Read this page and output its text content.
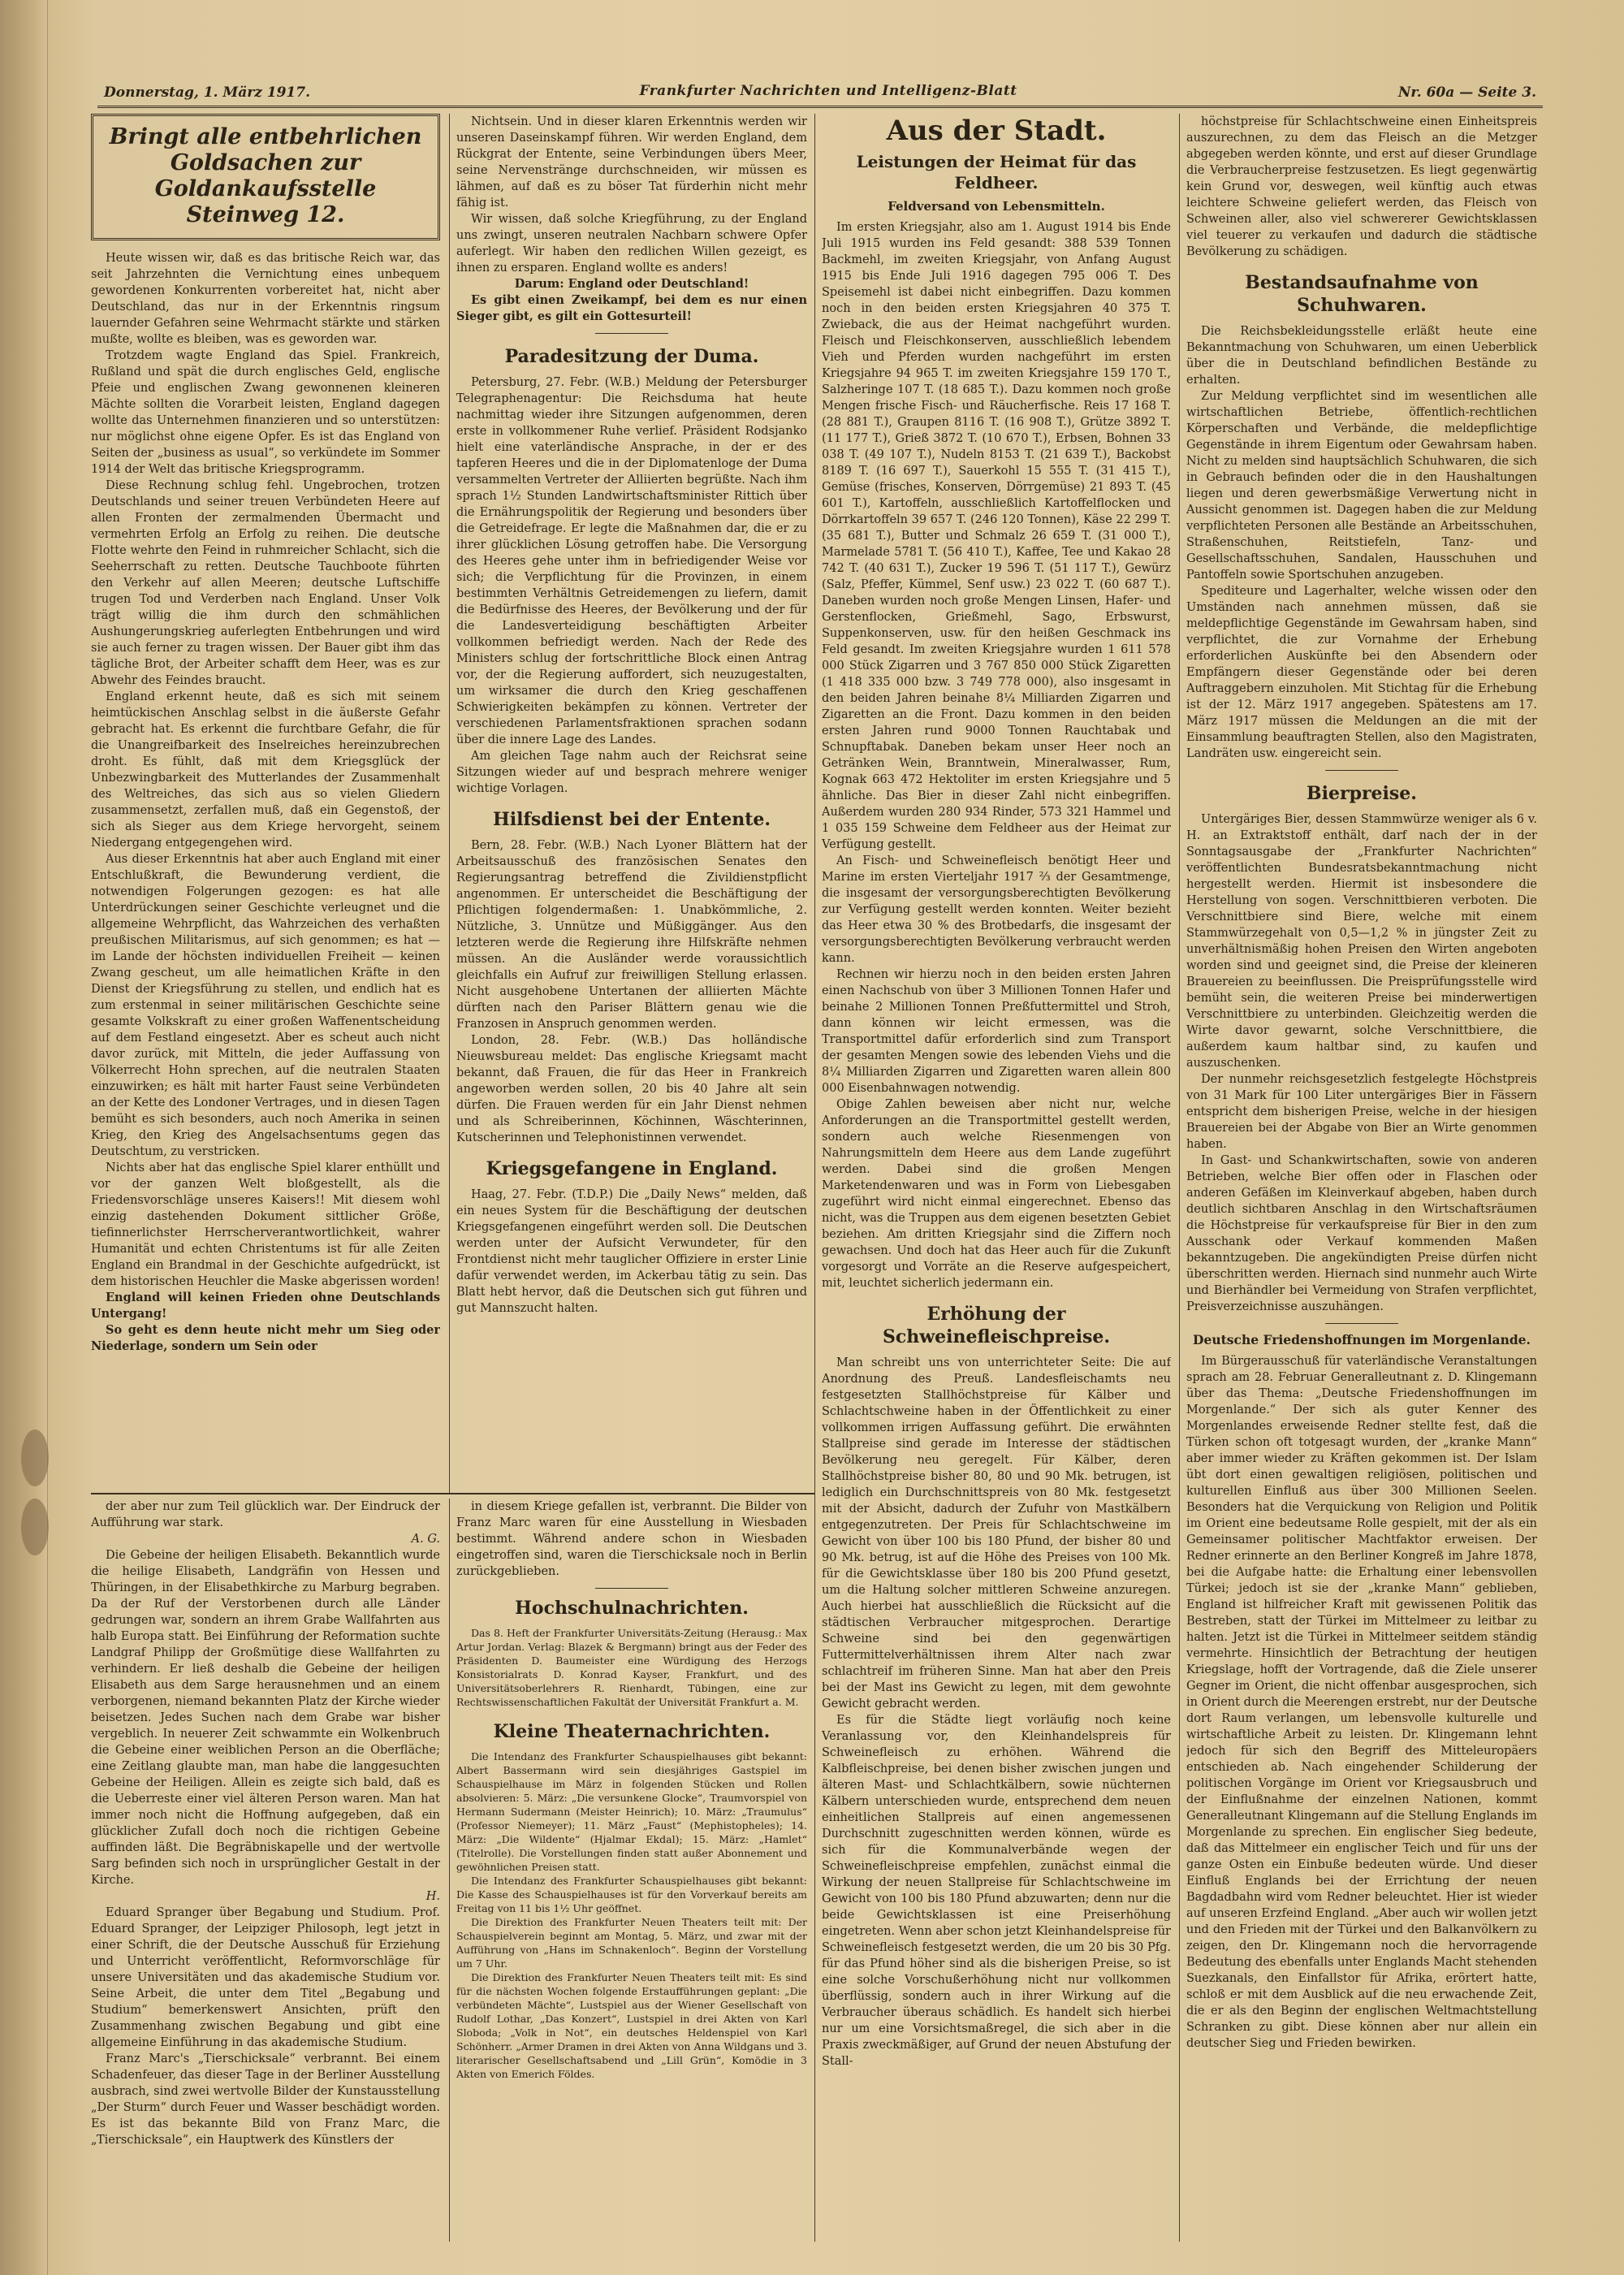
Donnerstag, 1. März 1917.	Frankfurter Nachrichten und Intelligenz-Blatt	Nr. 60a — Seite 3.
Bringt alle entbehrlichen Goldsachen zur Goldankaufsstelle Steinweg 12.

Heute wissen wir, daß es das britische Reich war, das seit Jahrzehnten die Vernichtung eines unbequem gewordenen Konkurrenten vorbereitet hat, nicht aber Deutschland, das nur in der Erkenntnis ringsum lauernder Gefahren seine Wehrmacht stärkte und stärken mußte, wollte es bleiben, was es geworden war.

Trotzdem wagte England das Spiel. Frankreich, Rußland und spät die durch englisches Geld, englische Pfeie und englischen Zwang gewonnenen kleineren Mächte sollten die Vorarbeit leisten, England dagegen wollte das Unternehmen finanzieren und so unterstützen: nur möglichst ohne eigene Opfer. Es ist das England von Seiten der „business as usual“, so verkündete im Sommer 1914 der Welt das britische Kriegsprogramm.

Diese Rechnung schlug fehl. Ungebrochen, trotzen Deutschlands und seiner treuen Verbündeten Heere auf allen Fronten der zermalmenden Übermacht und vermehrten Erfolg an Erfolg zu reihen. Die deutsche Flotte wehrte den Feind in ruhmreicher Schlacht, sich die Seeherrschaft zu retten. Deutsche Tauchboote führten den Verkehr auf allen Meeren; deutsche Luftschiffe trugen Tod und Verderben nach England. Unser Volk trägt willig die ihm durch den schmählichen Aushungerungskrieg auferlegten Entbehrungen und wird sie auch ferner zu tragen wissen. Der Bauer gibt ihm das tägliche Brot, der Arbeiter schafft dem Heer, was es zur Abwehr des Feindes braucht.

England erkennt heute, daß es sich mit seinem heimtückischen Anschlag selbst in die äußerste Gefahr gebracht hat. Es erkennt die furchtbare Gefahr, die für die Unangreifbarkeit des Inselreiches hereinzubrechen droht. Es fühlt, daß mit dem Kriegsglück der Unbezwingbarkeit des Mutterlandes der Zusammenhalt des Weltreiches, das sich aus so vielen Gliedern zusammensetzt, zerfallen muß, daß ein Gegenstoß, der sich als Sieger aus dem Kriege hervorgeht, seinem Niedergang entgegengehen wird.

Aus dieser Erkenntnis hat aber auch England mit einer Entschlußkraft, die Bewunderung verdient, die notwendigen Folgerungen gezogen: es hat alle Unterdrückungen seiner Geschichte verleugnet und die allgemeine Wehrpflicht, das Wahrzeichen des verhaßten preußischen Militarismus, auf sich genommen; es hat — im Lande der höchsten individuellen Freiheit — keinen Zwang gescheut, um alle heimatlichen Kräfte in den Dienst der Kriegsführung zu stellen, und endlich hat es zum erstenmal in seiner militärischen Geschichte seine gesamte Volkskraft zu einer großen Waffenentscheidung auf dem Festland eingesetzt. Aber es scheut auch nicht davor zurück, mit Mitteln, die jeder Auffassung von Völkerrecht Hohn sprechen, auf die neutralen Staaten einzuwirken; es hält mit harter Faust seine Verbündeten an der Kette des Londoner Vertrages, und in diesen Tagen bemüht es sich besonders, auch noch Amerika in seinen Krieg, den Krieg des Angelsachsentums gegen das Deutschtum, zu verstricken.

Nichts aber hat das englische Spiel klarer enthüllt und vor der ganzen Welt bloßgestellt, als die Friedensvorschläge unseres Kaisers!! Mit diesem wohl einzig dastehenden Dokument sittlicher Größe, tiefinnerlichster Herrscherverantwortlichkeit, wahrer Humanität und echten Christentums ist für alle Zeiten England ein Brandmal in der Geschichte aufgedrückt, ist dem historischen Heuchler die Maske abgerissen worden!

England will keinen Frieden ohne Deutschlands Untergang!

So geht es denn heute nicht mehr um Sieg oder Niederlage, sondern um Sein oder

Nichtsein. Und in dieser klaren Erkenntnis werden wir unseren Daseinskampf führen. Wir werden England, dem Rückgrat der Entente, seine Verbindungen übers Meer, seine Nervenstränge durchschneiden, wir müssen es lähmen, auf daß es zu böser Tat fürderhin nicht mehr fähig ist.

Wir wissen, daß solche Kriegführung, zu der England uns zwingt, unseren neutralen Nachbarn schwere Opfer auferlegt. Wir haben den redlichen Willen gezeigt, es ihnen zu ersparen. England wollte es anders!

Darum: England oder Deutschland!

Es gibt einen Zweikampf, bei dem es nur einen Sieger gibt, es gilt ein Gottesurteil!

Paradesitzung der Duma.

Petersburg, 27. Febr. (W.B.) Meldung der Petersburger Telegraphenagentur: Die Reichsduma hat heute nachmittag wieder ihre Sitzungen aufgenommen, deren erste in vollkommener Ruhe verlief. Präsident Rodsjanko hielt eine vaterländische Ansprache, in der er des tapferen Heeres und die in der Diplomatenloge der Duma versammelten Vertreter der Alliierten begrüßte. Nach ihm sprach 1½ Stunden Landwirtschaftsminister Rittich über die Ernährungspolitik der Regierung und besonders über die Getreidefrage. Er legte die Maßnahmen dar, die er zu ihrer glücklichen Lösung getroffen habe. Die Versorgung des Heeres gehe unter ihm in befriedigender Weise vor sich; die Verpflichtung für die Provinzen, in einem bestimmten Verhältnis Getreidemengen zu liefern, damit die Bedürfnisse des Heeres, der Bevölkerung und der für die Landesverteidigung beschäftigten Arbeiter vollkommen befriedigt werden. Nach der Rede des Ministers schlug der fortschrittliche Block einen Antrag vor, der die Regierung auffordert, sich neuzugestalten, um wirksamer die durch den Krieg geschaffenen Schwierigkeiten bekämpfen zu können. Vertreter der verschiedenen Parlamentsfraktionen sprachen sodann über die innere Lage des Landes.

Am gleichen Tage nahm auch der Reichsrat seine Sitzungen wieder auf und besprach mehrere weniger wichtige Vorlagen.

Hilfsdienst bei der Entente.

Bern, 28. Febr. (W.B.) Nach Lyoner Blättern hat der Arbeitsausschuß des französischen Senates den Regierungsantrag betreffend die Zivildienstpflicht angenommen. Er unterscheidet die Beschäftigung der Pflichtigen folgendermaßen: 1. Unabkömmliche, 2. Nützliche, 3. Unnütze und Müßiggänger. Aus den letzteren werde die Regierung ihre Hilfskräfte nehmen müssen. An die Ausländer werde voraussichtlich gleichfalls ein Aufruf zur freiwilligen Stellung erlassen. Nicht ausgehobene Untertanen der alliierten Mächte dürften nach den Pariser Blättern genau wie die Franzosen in Anspruch genommen werden.

London, 28. Febr. (W.B.) Das holländische Nieuwsbureau meldet: Das englische Kriegsamt macht bekannt, daß Frauen, die für das Heer in Frankreich angeworben werden sollen, 20 bis 40 Jahre alt sein dürfen. Die Frauen werden für ein Jahr Dienst nehmen und als Schreiberinnen, Köchinnen, Wäschterinnen, Kutscherinnen und Telephonistinnen verwendet.

Kriegsgefangene in England.

Haag, 27. Febr. (T.D.P.) Die „Daily News“ melden, daß ein neues System für die Beschäftigung der deutschen Kriegsgefangenen eingeführt werden soll. Die Deutschen werden unter der Aufsicht Verwundeter, für den Frontdienst nicht mehr tauglicher Offiziere in erster Linie dafür verwendet werden, im Ackerbau tätig zu sein. Das Blatt hebt hervor, daß die Deutschen sich gut führen und gut Mannszucht halten.

Aus der Stadt.
Leistungen der Heimat für das Feldheer.
Feldversand von Lebensmitteln.

Im ersten Kriegsjahr, also am 1. August 1914 bis Ende Juli 1915 wurden ins Feld gesandt: 388 539 Tonnen Backmehl, im zweiten Kriegsjahr, von Anfang August 1915 bis Ende Juli 1916 dagegen 795 006 T. Des Speisemehl ist dabei nicht einbegriffen. Dazu kommen noch in den beiden ersten Kriegsjahren 40 375 T. Zwieback, die aus der Heimat nachgeführt wurden. Fleisch und Fleischkonserven, ausschließlich lebendem Vieh und Pferden wurden nachgeführt im ersten Kriegsjahre 94 965 T. im zweiten Kriegsjahre 159 170 T., Salzheringe 107 T. (18 685 T.). Dazu kommen noch große Mengen frische Fisch- und Räucherfische. Reis 17 168 T. (28 881 T.), Graupen 8116 T. (16 908 T.), Grütze 3892 T. (11 177 T.), Grieß 3872 T. (10 670 T.), Erbsen, Bohnen 33 038 T. (49 107 T.), Nudeln 8153 T. (21 639 T.), Backobst 8189 T. (16 697 T.), Sauerkohl 15 555 T. (31 415 T.), Gemüse (frisches, Konserven, Dörrgemüse) 21 893 T. (45 601 T.), Kartoffeln, ausschließlich Kartoffelflocken und Dörrkartoffeln 39 657 T. (246 120 Tonnen), Käse 22 299 T. (35 681 T.), Butter und Schmalz 26 659 T. (31 000 T.), Marmelade 5781 T. (56 410 T.), Kaffee, Tee und Kakao 28 742 T. (40 631 T.), Zucker 19 596 T. (51 117 T.), Gewürz (Salz, Pfeffer, Kümmel, Senf usw.) 23 022 T. (60 687 T.). Daneben wurden noch große Mengen Linsen, Hafer- und Gerstenflocken, Grießmehl, Sago, Erbswurst, Suppenkonserven, usw. für den heißen Geschmack ins Feld gesandt. Im zweiten Kriegsjahre wurden 1 611 578 000 Stück Zigarren und 3 767 850 000 Stück Zigaretten (1 418 335 000 bzw. 3 749 778 000), also insgesamt in den beiden Jahren beinahe 8¼ Milliarden Zigarren und Zigaretten an die Front. Dazu kommen in den beiden ersten Jahren rund 9000 Tonnen Rauchtabak und Schnupftabak. Daneben bekam unser Heer noch an Getränken Wein, Branntwein, Mineralwasser, Rum, Kognak 663 472 Hektoliter im ersten Kriegsjahre und 5 ähnliche. Das Bier in dieser Zahl nicht einbegriffen. Außerdem wurden 280 934 Rinder, 573 321 Hammel und 1 035 159 Schweine dem Feldheer aus der Heimat zur Verfügung gestellt.

An Fisch- und Schweinefleisch benötigt Heer und Marine im ersten Vierteljahr 1917 ⅔ der Gesamtmenge, die insgesamt der versorgungsberechtigten Bevölkerung zur Verfügung gestellt werden konnten. Weiter bezieht das Heer etwa 30 % des Brotbedarfs, die insgesamt der versorgungsberechtigten Bevölkerung verbraucht werden kann.

Rechnen wir hierzu noch in den beiden ersten Jahren einen Nachschub von über 3 Millionen Tonnen Hafer und beinahe 2 Millionen Tonnen Preßfuttermittel und Stroh, dann können wir leicht ermessen, was die Transportmittel dafür erforderlich sind zum Transport der gesamten Mengen sowie des lebenden Viehs und die 8¼ Milliarden Zigarren und Zigaretten waren allein 800 000 Eisenbahnwagen notwendig.

Obige Zahlen beweisen aber nicht nur, welche Anforderungen an die Transportmittel gestellt werden, sondern auch welche Riesenmengen von Nahrungsmitteln dem Heere aus dem Lande zugeführt werden. Dabei sind die großen Mengen Marketendenwaren und was in Form von Liebesgaben zugeführt wird nicht einmal eingerechnet. Ebenso das nicht, was die Truppen aus dem eigenen besetzten Gebiet beziehen. Am dritten Kriegsjahr sind die Ziffern noch gewachsen. Und doch hat das Heer auch für die Zukunft vorgesorgt und Vorräte an die Reserve aufgespeichert, mit, leuchtet sicherlich jedermann ein.

Erhöhung der Schweinefleischpreise.

Man schreibt uns von unterrichteter Seite: Die auf Anordnung des Preuß. Landesfleischamts neu festgesetzten Stallhöchstpreise für Kälber und Schlachtschweine haben in der Öffentlichkeit zu einer vollkommen irrigen Auffassung geführt. Die erwähnten Stallpreise sind gerade im Interesse der städtischen Bevölkerung neu geregelt. Für Kälber, deren Stallhöchstpreise bisher 80, 80 und 90 Mk. betrugen, ist lediglich ein Durchschnittspreis von 80 Mk. festgesetzt mit der Absicht, dadurch der Zufuhr von Mastkälbern entgegenzutreten. Der Preis für Schlachtschweine im Gewicht von über 100 bis 180 Pfund, der bisher 80 und 90 Mk. betrug, ist auf die Höhe des Preises von 100 Mk. für die Gewichtsklasse über 180 bis 200 Pfund gesetzt, um die Haltung solcher mittleren Schweine anzuregen. Auch hierbei hat ausschließlich die Rücksicht auf die städtischen Verbraucher mitgesprochen. Derartige Schweine sind bei den gegenwärtigen Futtermittelverhältnissen ihrem Alter nach zwar schlachtreif im früheren Sinne. Man hat aber den Preis bei der Mast ins Gewicht zu legen, mit dem gewohnte Gewicht gebracht werden.

Es für die Städte liegt vorläufig noch keine Veranlassung vor, den Kleinhandelspreis für Schweinefleisch zu erhöhen. Während die Kalbfleischpreise, bei denen bisher zwischen jungen und älteren Mast- und Schlachtkälbern, sowie nüchternen Kälbern unterschieden wurde, entsprechend dem neuen einheitlichen Stallpreis auf einen angemessenen Durchschnitt zugeschnitten werden können, würde es sich für die Kommunalverbände wegen der Schweinefleischpreise empfehlen, zunächst einmal die Wirkung der neuen Stallpreise für Schlachtschweine im Gewicht von 100 bis 180 Pfund abzuwarten; denn nur die beide Gewichtsklassen ist eine Preiserhöhung eingetreten. Wenn aber schon jetzt Kleinhandelspreise für Schweinefleisch festgesetzt werden, die um 20 bis 30 Pfg. für das Pfund höher sind als die bisherigen Preise, so ist eine solche Vorschußerhöhung nicht nur vollkommen überflüssig, sondern auch in ihrer Wirkung auf die Verbraucher überaus schädlich. Es handelt sich hierbei nur um eine Vorsichtsmaßregel, die sich aber in die Praxis zweckmäßiger, auf Grund der neuen Abstufung der Stall-

höchstpreise für Schlachtschweine einen Einheitspreis auszurechnen, zu dem das Fleisch an die Metzger abgegeben werden könnte, und erst auf dieser Grundlage die Verbraucherpreise festzusetzen. Es liegt gegenwärtig kein Grund vor, deswegen, weil künftig auch etwas leichtere Schweine geliefert werden, das Fleisch von Schweinen aller, also viel schwererer Gewichtsklassen viel teuerer zu verkaufen und dadurch die städtische Bevölkerung zu schädigen.

Bestandsaufnahme von Schuhwaren.

Die Reichsbekleidungsstelle erläßt heute eine Bekanntmachung von Schuhwaren, um einen Ueberblick über die in Deutschland befindlichen Bestände zu erhalten.

Zur Meldung verpflichtet sind im wesentlichen alle wirtschaftlichen Betriebe, öffentlich-rechtlichen Körperschaften und Verbände, die meldepflichtige Gegenstände in ihrem Eigentum oder Gewahrsam haben. Nicht zu melden sind hauptsächlich Schuhwaren, die sich in Gebrauch befinden oder die in den Haushaltungen liegen und deren gewerbsmäßige Verwertung nicht in Aussicht genommen ist. Dagegen haben die zur Meldung verpflichteten Personen alle Bestände an Arbeitsschuhen, Straßenschuhen, Reitstiefeln, Tanz- und Gesellschaftsschuhen, Sandalen, Hausschuhen und Pantoffeln sowie Sportschuhen anzugeben.

Spediteure und Lagerhalter, welche wissen oder den Umständen nach annehmen müssen, daß sie meldepflichtige Gegenstände im Gewahrsam haben, sind verpflichtet, die zur Vornahme der Erhebung erforderlichen Auskünfte bei den Absendern oder Empfängern dieser Gegenstände oder bei deren Auftraggebern einzuholen. Mit Stichtag für die Erhebung ist der 12. März 1917 angegeben. Spätestens am 17. März 1917 müssen die Meldungen an die mit der Einsammlung beauftragten Stellen, also den Magistraten, Landräten usw. eingereicht sein.

Bierpreise.

Untergäriges Bier, dessen Stammwürze weniger als 6 v. H. an Extraktstoff enthält, darf nach der in der Sonntagsausgabe der „Frankfurter Nachrichten“ veröffentlichten Bundesratsbekanntmachung nicht hergestellt werden. Hiermit ist insbesondere die Herstellung von sogen. Verschnittbieren verboten. Die Verschnittbiere sind Biere, welche mit einem Stammwürzegehalt von 0,5—1,2 % in jüngster Zeit zu unverhältnismäßig hohen Preisen den Wirten angeboten worden sind und geeignet sind, die Preise der kleineren Brauereien zu beeinflussen. Die Preisprüfungsstelle wird bemüht sein, die weiteren Preise bei minderwertigen Verschnittbiere zu unterbinden. Gleichzeitig werden die Wirte davor gewarnt, solche Verschnittbiere, die außerdem kaum haltbar sind, zu kaufen und auszuschenken.

Der nunmehr reichsgesetzlich festgelegte Höchstpreis von 31 Mark für 100 Liter untergäriges Bier in Fässern entspricht dem bisherigen Preise, welche in der hiesigen Brauereien bei der Abgabe von Bier an Wirte genommen haben.

In Gast- und Schankwirtschaften, sowie von anderen Betrieben, welche Bier offen oder in Flaschen oder anderen Gefäßen im Kleinverkauf abgeben, haben durch deutlich sichtbaren Anschlag in den Wirtschaftsräumen die Höchstpreise für verkaufspreise für Bier in den zum Ausschank oder Verkauf kommenden Maßen bekanntzugeben. Die angekündigten Preise dürfen nicht überschritten werden. Hiernach sind nunmehr auch Wirte und Bierhändler bei Vermeidung von Strafen verpflichtet, Preisverzeichnisse auszuhängen.

Deutsche Friedenshoffnungen im Morgenlande.

Im Bürgerausschuß für vaterländische Veranstaltungen sprach am 28. Februar Generalleutnant z. D. Klingemann über das Thema: „Deutsche Friedenshoffnungen im Morgenlande.“ Der sich als guter Kenner des Morgenlandes erweisende Redner stellte fest, daß die Türken schon oft totgesagt wurden, der „kranke Mann“ aber immer wieder zu Kräften gekommen ist. Der Islam übt dort einen gewaltigen religiösen, politischen und kulturellen Einfluß aus über 300 Millionen Seelen. Besonders hat die Verquickung von Religion und Politik im Orient eine bedeutsame Rolle gespielt, mit der als ein Gemeinsamer politischer Machtfaktor erweisen. Der Redner erinnerte an den Berliner Kongreß im Jahre 1878, bei die Aufgabe hatte: die Erhaltung einer lebensvollen Türkei; jedoch ist sie der „kranke Mann“ geblieben, England ist hilfreicher Kraft mit gewissenen Politik das Bestreben, statt der Türkei im Mittelmeer zu leitbar zu halten. Jetzt ist die Türkei in Mittelmeer seitdem ständig vermehrte. Hinsichtlich der Betrachtung der heutigen Kriegslage, hofft der Vortragende, daß die Ziele unserer Gegner im Orient, die nicht offenbar ausgesprochen, sich in Orient durch die Meerengen erstrebt, nur der Deutsche dort Raum verlangen, um lebensvolle kulturelle und wirtschaftliche Arbeit zu leisten. Dr. Klingemann lehnt jedoch für sich den Begriff des Mitteleuropäers entschieden ab. Nach eingehender Schilderung der politischen Vorgänge im Orient vor Kriegsausbruch und der Einflußnahme der einzelnen Nationen, kommt Generalleutnant Klingemann auf die Stellung Englands im Morgenlande zu sprechen. Ein englischer Sieg bedeute, daß das Mittelmeer ein englischer Teich und für uns der ganze Osten ein Einbuße bedeuten würde. Und dieser Einfluß Englands bei der Errichtung der neuen Bagdadbahn wird vom Redner beleuchtet. Hier ist wieder auf unseren Erzfeind England. „Aber auch wir wollen jetzt und den Frieden mit der Türkei und den Balkanvölkern zu zeigen, den Dr. Klingemann noch die hervorragende Bedeutung des ebenfalls unter Englands Macht stehenden Suezkanals, den Einfallstor für Afrika, erörtert hatte, schloß er mit dem Ausblick auf die neu erwachende Zeit, die er als den Beginn der englischen Weltmachtstellung Schranken zu gibt. Diese können aber nur allein ein deutscher Sieg und Frieden bewirken.

der aber nur zum Teil glücklich war. Der Eindruck der Aufführung war stark.

A. G.

Die Gebeine der heiligen Elisabeth. Bekanntlich wurde die heilige Elisabeth, Landgräfin von Hessen und Thüringen, in der Elisabethkirche zu Marburg begraben. Da der Ruf der Verstorbenen durch alle Länder gedrungen war, sondern an ihrem Grabe Wallfahrten aus halb Europa statt. Bei Einführung der Reformation suchte Landgraf Philipp der Großmütige diese Wallfahrten zu verhindern. Er ließ deshalb die Gebeine der heiligen Elisabeth aus dem Sarge herausnehmen und an einem verborgenen, niemand bekannten Platz der Kirche wieder beisetzen. Jedes Suchen nach dem Grabe war bisher vergeblich. In neuerer Zeit schwammte ein Wolkenbruch die Gebeine einer weiblichen Person an die Oberfläche; eine Zeitlang glaubte man, man habe die langgesuchten Gebeine der Heiligen. Allein es zeigte sich bald, daß es die Ueberreste einer viel älteren Person waren. Man hat immer noch nicht die Hoffnung aufgegeben, daß ein glücklicher Zufall doch noch die richtigen Gebeine auffinden läßt. Die Begräbniskapelle und der wertvolle Sarg befinden sich noch in ursprünglicher Gestalt in der Kirche.

H.

Eduard Spranger über Begabung und Studium. Prof. Eduard Spranger, der Leipziger Philosoph, legt jetzt in einer Schrift, die der Deutsche Ausschuß für Erziehung und Unterricht veröffentlicht, Reformvorschläge für unsere Universitäten und das akademische Studium vor. Seine Arbeit, die unter dem Titel „Begabung und Studium“ bemerkenswert Ansichten, prüft den Zusammenhang zwischen Begabung und gibt eine allgemeine Einführung in das akademische Studium.

Franz Marc's „Tierschicksale“ verbrannt. Bei einem Schadenfeuer, das dieser Tage in der Berliner Ausstellung ausbrach, sind zwei wertvolle Bilder der Kunstausstellung „Der Sturm“ durch Feuer und Wasser beschädigt worden. Es ist das bekannte Bild von Franz Marc, die „Tierschicksale“, ein Hauptwerk des Künstlers der

in diesem Kriege gefallen ist, verbrannt. Die Bilder von Franz Marc waren für eine Ausstellung in Wiesbaden bestimmt. Während andere schon in Wiesbaden eingetroffen sind, waren die Tierschicksale noch in Berlin zurückgeblieben.

Hochschulnachrichten.

Das 8. Heft der Frankfurter Universitäts-Zeitung (Herausg.: Max Artur Jordan. Verlag: Blazek & Bergmann) bringt aus der Feder des Präsidenten D. Baumeister eine Würdigung des Herzogs Konsistorialrats D. Konrad Kayser, Frankfurt, und des Universitätsoberlehrers R. Rienhardt, Tübingen, eine zur Rechtswissenschaftlichen Fakultät der Universität Frankfurt a. M.

Kleine Theaternachrichten.

Die Intendanz des Frankfurter Schauspielhauses gibt bekannt: Albert Bassermann wird sein diesjähriges Gastspiel im Schauspielhause im März in folgenden Stücken und Rollen absolvieren: 5. März: „Die versunkene Glocke“, Traumvorspiel von Hermann Sudermann (Meister Heinrich); 10. März: „Traumulus“ (Professor Niemeyer); 11. März „Faust“ (Mephistopheles); 14. März: „Die Wildente“ (Hjalmar Ekdal); 15. März: „Hamlet“ (Titelrolle). Die Vorstellungen finden statt außer Abonnement und gewöhnlichen Preisen statt.

Die Intendanz des Frankfurter Schauspielhauses gibt bekannt: Die Kasse des Schauspielhauses ist für den Vorverkauf bereits am Freitag von 11 bis 1½ Uhr geöffnet.

Die Direktion des Frankfurter Neuen Theaters teilt mit: Der Schauspielverein beginnt am Montag, 5. März, und zwar mit der Aufführung von „Hans im Schnakenloch“. Beginn der Vorstellung um 7 Uhr.

Die Direktion des Frankfurter Neuen Theaters teilt mit: Es sind für die nächsten Wochen folgende Erstaufführungen geplant: „Die verbündeten Mächte“, Lustspiel aus der Wiener Gesellschaft von Rudolf Lothar, „Das Konzert“, Lustspiel in drei Akten von Karl Sloboda; „Volk in Not“, ein deutsches Heldenspiel von Karl Schönherr. „Armer Dramen in drei Akten von Anna Wildgans und 3. literarischer Gesellschaftsabend und „Lill Grün“, Komödie in 3 Akten von Emerich Földes.
